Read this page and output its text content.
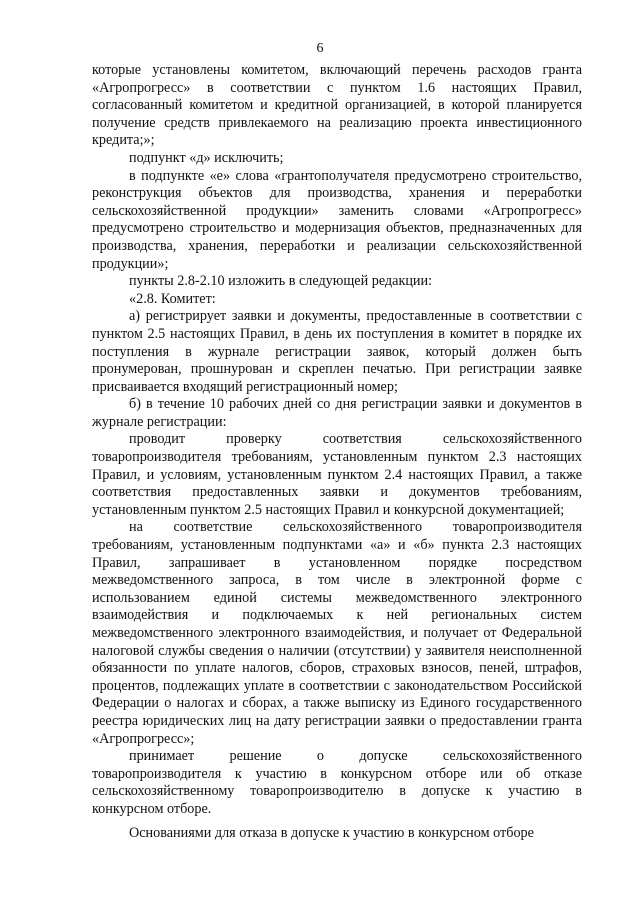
6

которые установлены комитетом, включающий перечень расходов гранта «Агропрогресс» в соответствии с пунктом 1.6 настоящих Правил, согласованный комитетом и кредитной организацией, в которой планируется получение средств привлекаемого на реализацию проекта инвестиционного кредита;»;

подпункт «д» исключить;

в подпункте «е» слова «грантополучателя предусмотрено строительство, реконструкция объектов для производства, хранения и переработки сельскохозяйственной продукции» заменить словами «Агропрогресс» предусмотрено строительство и модернизация объектов, предназначенных для производства, хранения, переработки и реализации сельскохозяйственной продукции»;

пункты 2.8-2.10 изложить в следующей редакции:

«2.8. Комитет:

а) регистрирует заявки и документы, предоставленные в соответствии с пунктом 2.5 настоящих Правил, в день их поступления в комитет в порядке их поступления в журнале регистрации заявок, который должен быть пронумерован, прошнурован и скреплен печатью. При регистрации заявке присваивается входящий регистрационный номер;

б) в течение 10 рабочих дней со дня регистрации заявки и документов в журнале регистрации:

проводит проверку соответствия сельскохозяйственного товаропроизводителя требованиям, установленным пунктом 2.3 настоящих Правил, и условиям, установленным пунктом 2.4 настоящих Правил, а также соответствия предоставленных заявки и документов требованиям, установленным пунктом 2.5 настоящих Правил и конкурсной документацией;

на соответствие сельскохозяйственного товаропроизводителя требованиям, установленным подпунктами «а» и «б» пункта 2.3 настоящих Правил, запрашивает в установленном порядке посредством межведомственного запроса, в том числе в электронной форме с использованием единой системы межведомственного электронного взаимодействия и подключаемых к ней региональных систем межведомственного электронного взаимодействия, и получает от Федеральной налоговой службы сведения о наличии (отсутствии) у заявителя неисполненной обязанности по уплате налогов, сборов, страховых взносов, пеней, штрафов, процентов, подлежащих уплате в соответствии с законодательством Российской Федерации о налогах и сборах, а также выписку из Единого государственного реестра юридических лиц на дату регистрации заявки о предоставлении гранта «Агропрогресс»;

принимает решение о допуске сельскохозяйственного товаропроизводителя к участию в конкурсном отборе или об отказе сельскохозяйственному товаропроизводителю в допуске к участию в конкурсном отборе.

Основаниями для отказа в допуске к участию в конкурсном отборе
